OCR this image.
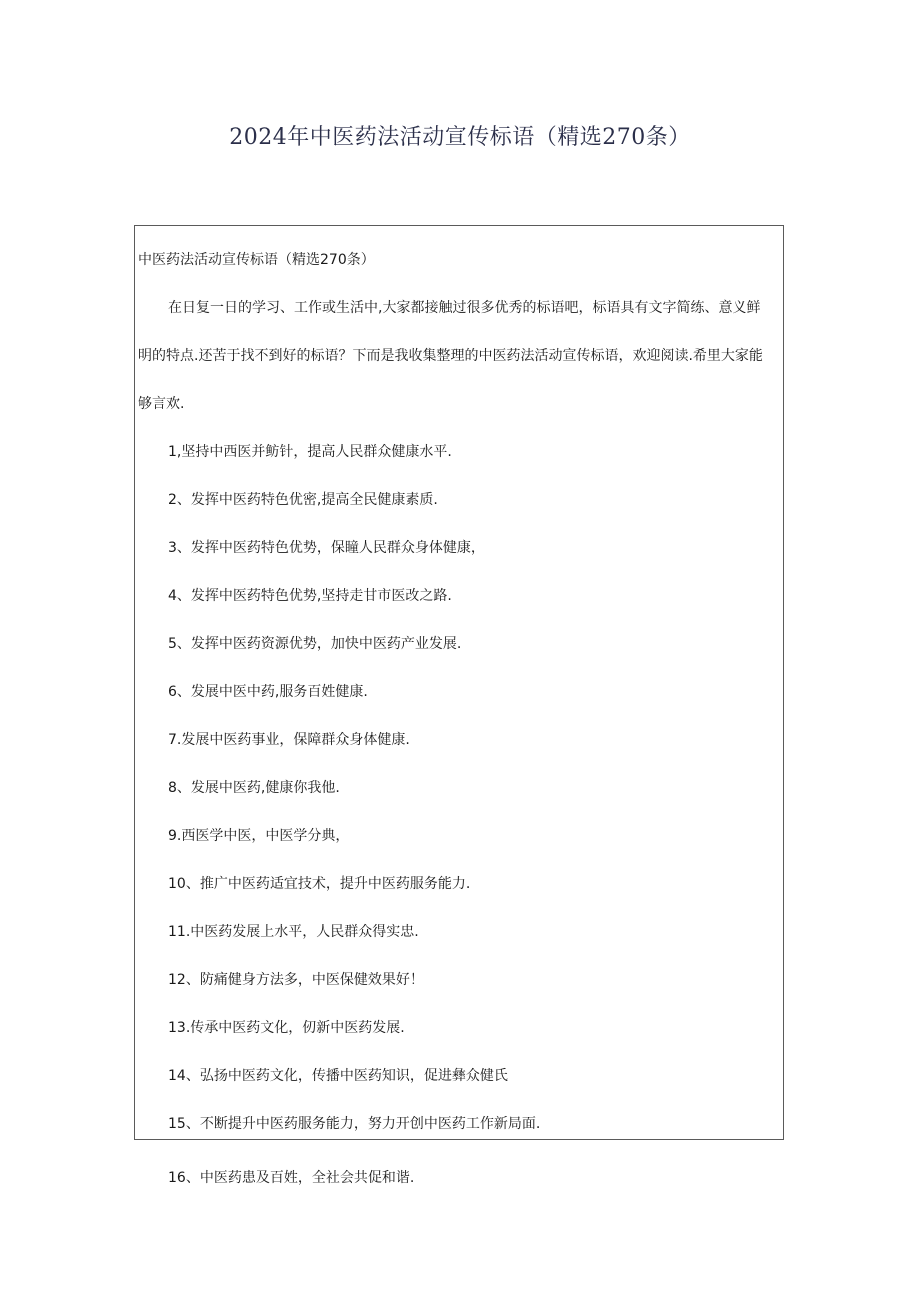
2024年中医药法活动宣传标语（精选270条）
中医药法活动宣传标语（精选270条）
在日复一日的学习、工作或生活中,大家都接触过很多优秀的标语吧，标语具有文字简练、意义鲜
明的特点.还苦于找不到好的标语？下而是我收集整理的中医药法活动宣传标语，欢迎阅读.希里大家能
够言欢.
1,坚持中西医并鲂针，提高人民群众健康水平.
2、发挥中医药特色优密,提高全民健康素质.
3、发挥中医药特色优势，保瞳人民群众身体健康，
4、发挥中医药特色优势,坚持走甘市医改之路.
5、发挥中医药资源优势，加快中医药产业发展.
6、发展中医中药,服务百姓健康.
7.发展中医药事业，保障群众身体健康.
8、发展中医药,健康你我他.
9.西医学中医，中医学分典，
10、推广中医药适宜技术，提升中医药服务能力.
11.中医药发展上水平，人民群众得实忠.
12、防痛健身方法多，中医保健效果好！
13.传承中医药文化，仞新中医药发展.
14、弘扬中医药文化，传播中医药知识，促进彝众健氏
15、不断提升中医药服务能力，努力开创中医药工作新局面.
16、中医药患及百姓，全社会共促和谐.
